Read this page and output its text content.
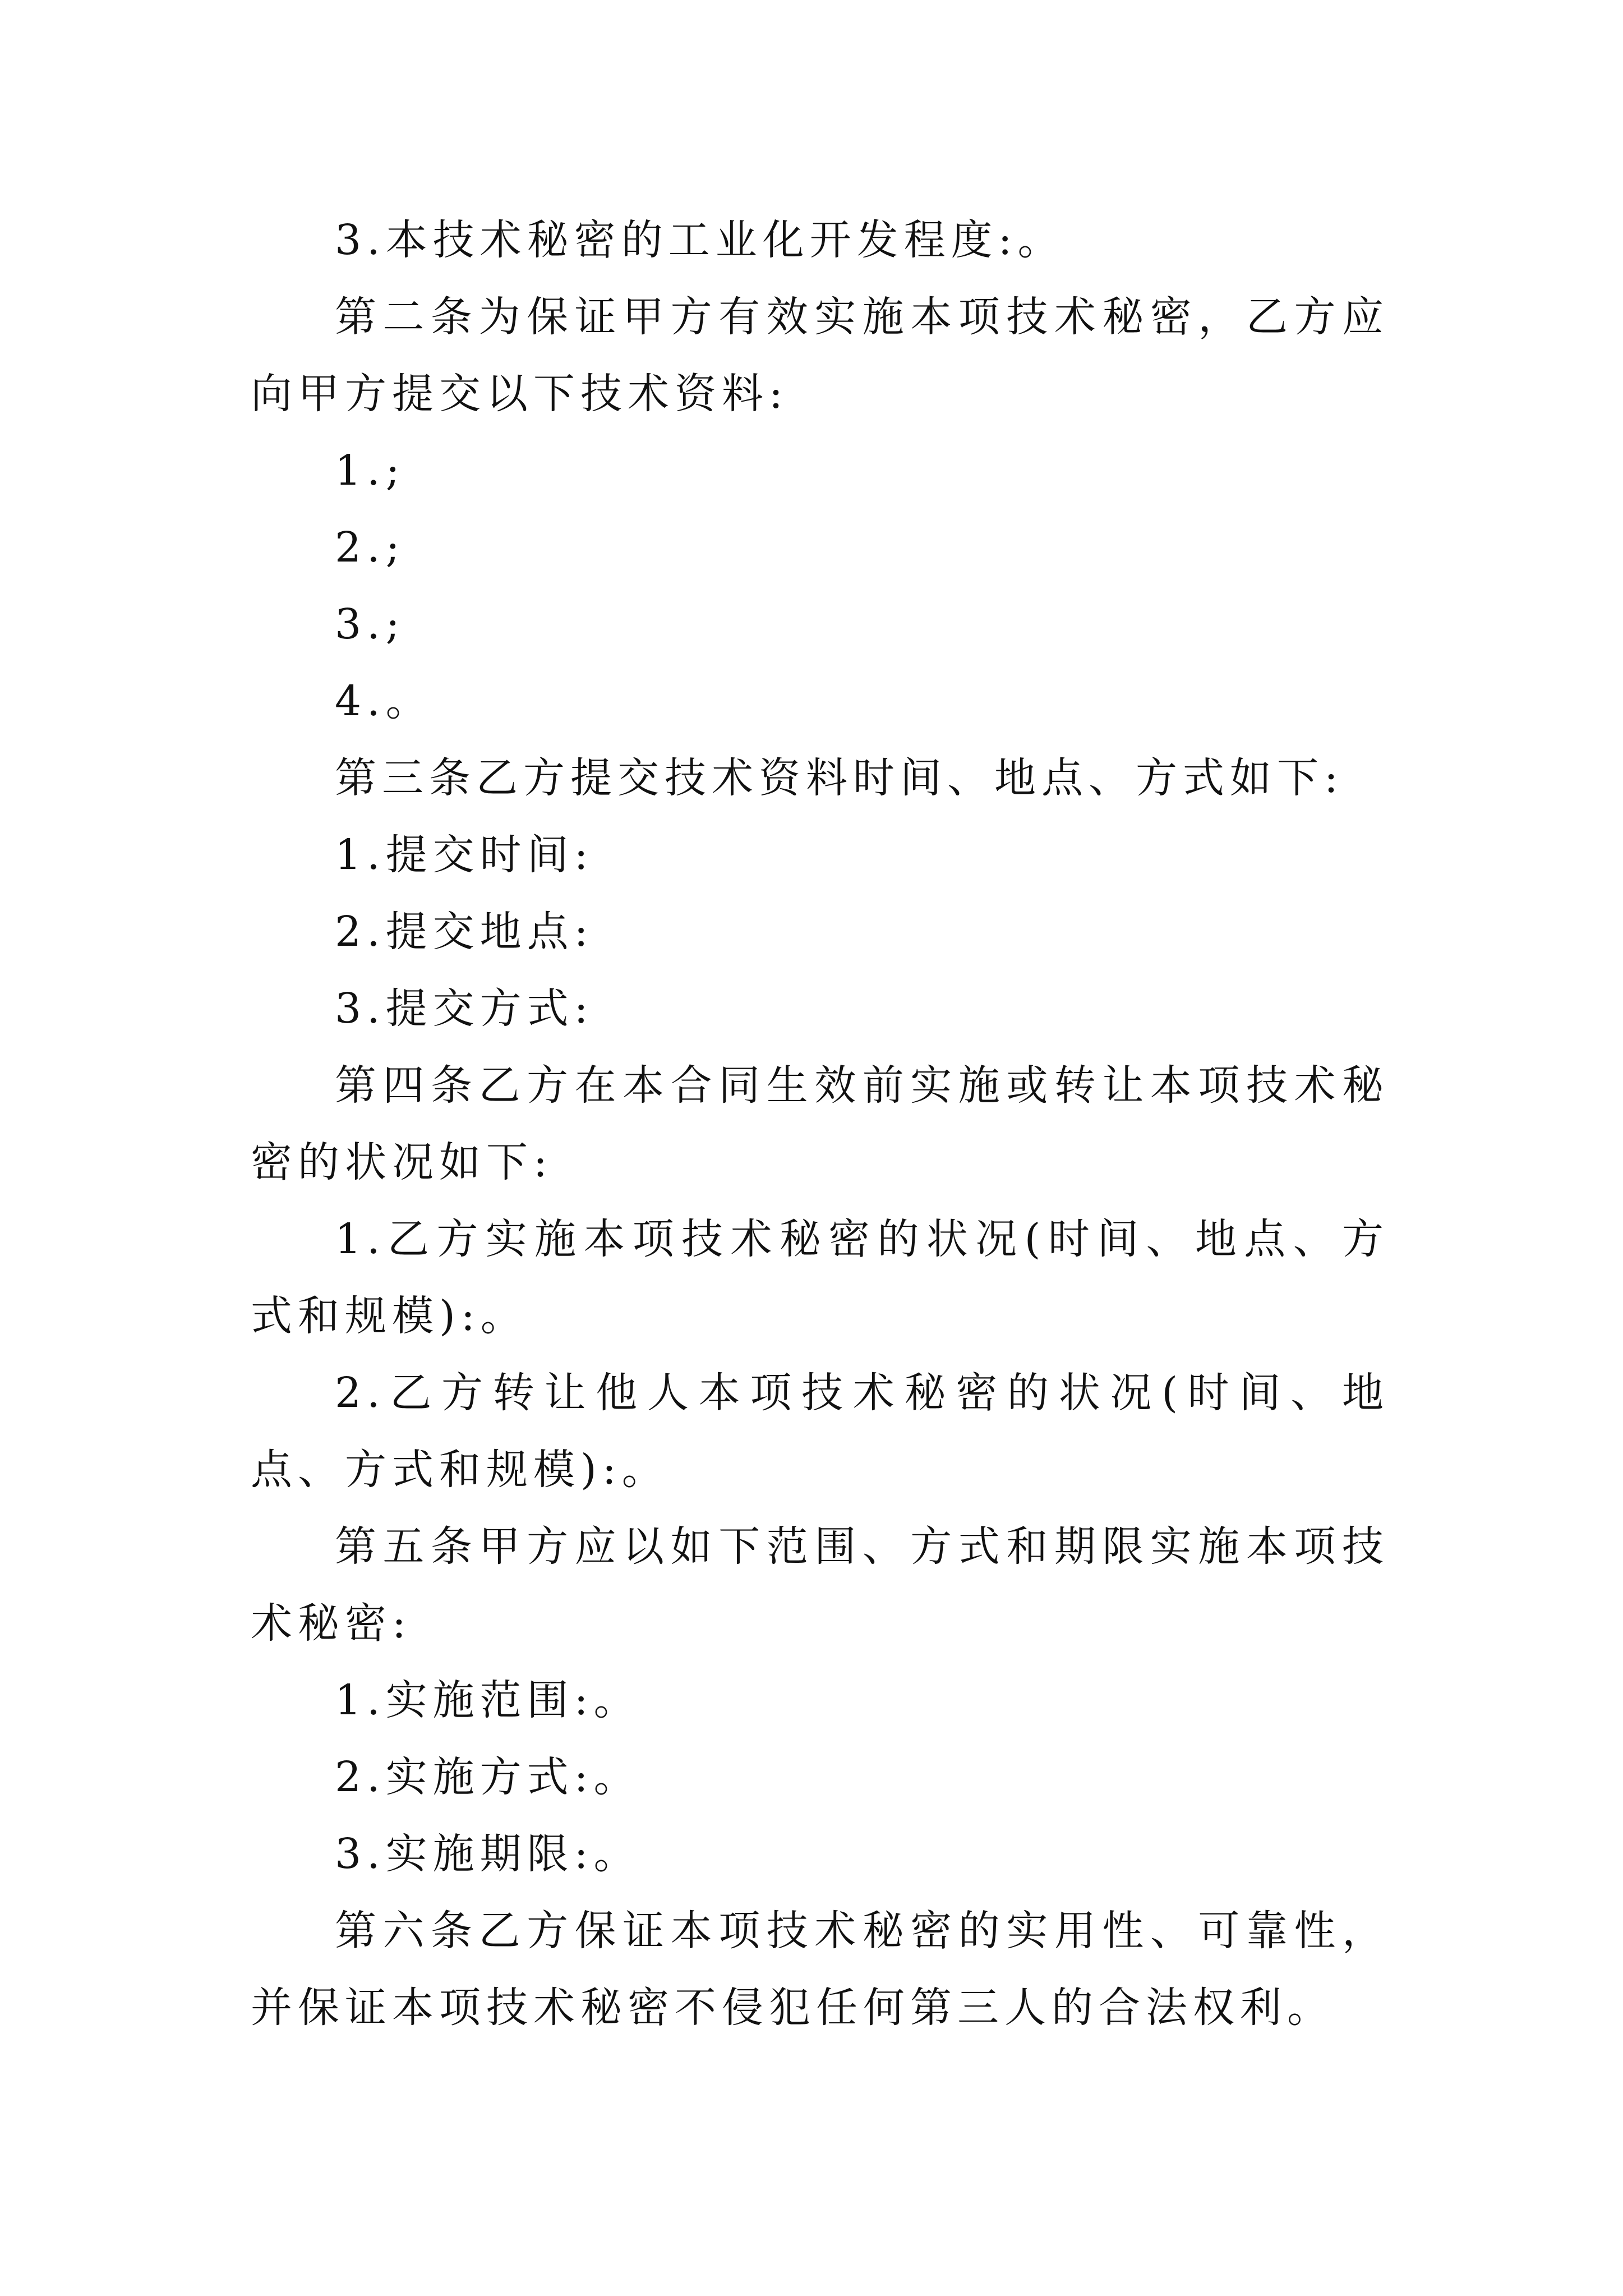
3.本技术秘密的工业化开发程度:。

第二条为保证甲方有效实施本项技术秘密，乙方应向甲方提交以下技术资料:

1.;

2.;

3.;

4.。

第三条乙方提交技术资料时间、地点、方式如下:

1.提交时间:

2.提交地点:

3.提交方式:

第四条乙方在本合同生效前实施或转让本项技术秘密的状况如下:

1.乙方实施本项技术秘密的状况(时间、地点、方式和规模):。

2.乙方转让他人本项技术秘密的状况(时间、地点、方式和规模):。

第五条甲方应以如下范围、方式和期限实施本项技术秘密:

1.实施范围:。

2.实施方式:。

3.实施期限:。

第六条乙方保证本项技术秘密的实用性、可靠性，并保证本项技术秘密不侵犯任何第三人的合法权利。
